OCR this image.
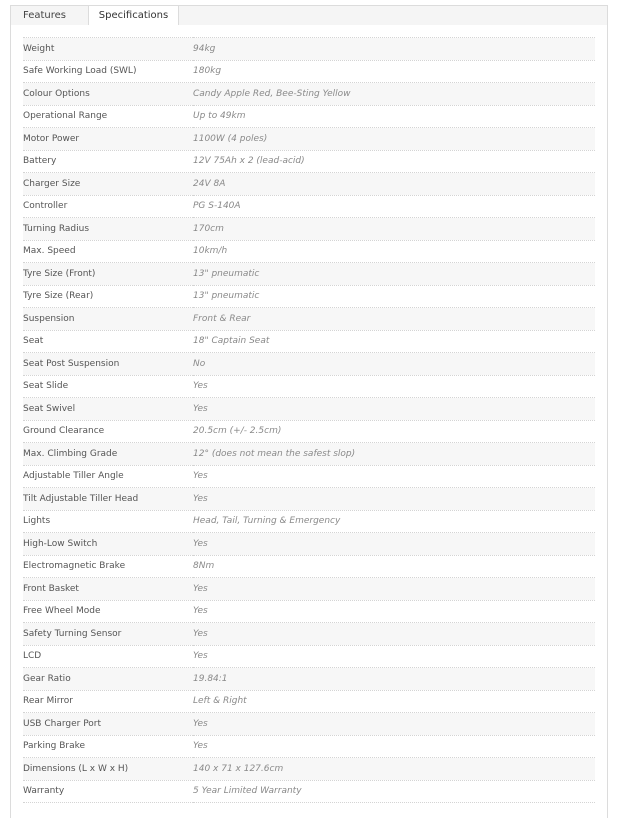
Features	Specifications
Weight	94kg
Safe Working Load (SWL)	180kg
Colour Options	Candy Apple Red, Bee-Sting Yellow
Operational Range	Up to 49km
Motor Power	1100W (4 poles)
Battery	12V 75Ah x 2 (lead-acid)
Charger Size	24V 8A
Controller	PG S-140A
Turning Radius	170cm
Max. Speed	10km/h
Tyre Size (Front)	13" pneumatic
Tyre Size (Rear)	13" pneumatic
Suspension	Front & Rear
Seat	18" Captain Seat
Seat Post Suspension	No
Seat Slide	Yes
Seat Swivel	Yes
Ground Clearance	20.5cm (+/- 2.5cm)
Max. Climbing Grade	12° (does not mean the safest slop)
Adjustable Tiller Angle	Yes
Tilt Adjustable Tiller Head	Yes
Lights	Head, Tail, Turning & Emergency
High-Low Switch	Yes
Electromagnetic Brake	8Nm
Front Basket	Yes
Free Wheel Mode	Yes
Safety Turning Sensor	Yes
LCD	Yes
Gear Ratio	19.84:1
Rear Mirror	Left & Right
USB Charger Port	Yes
Parking Brake	Yes
Dimensions (L x W x H)	140 x 71 x 127.6cm
Warranty	5 Year Limited Warranty
